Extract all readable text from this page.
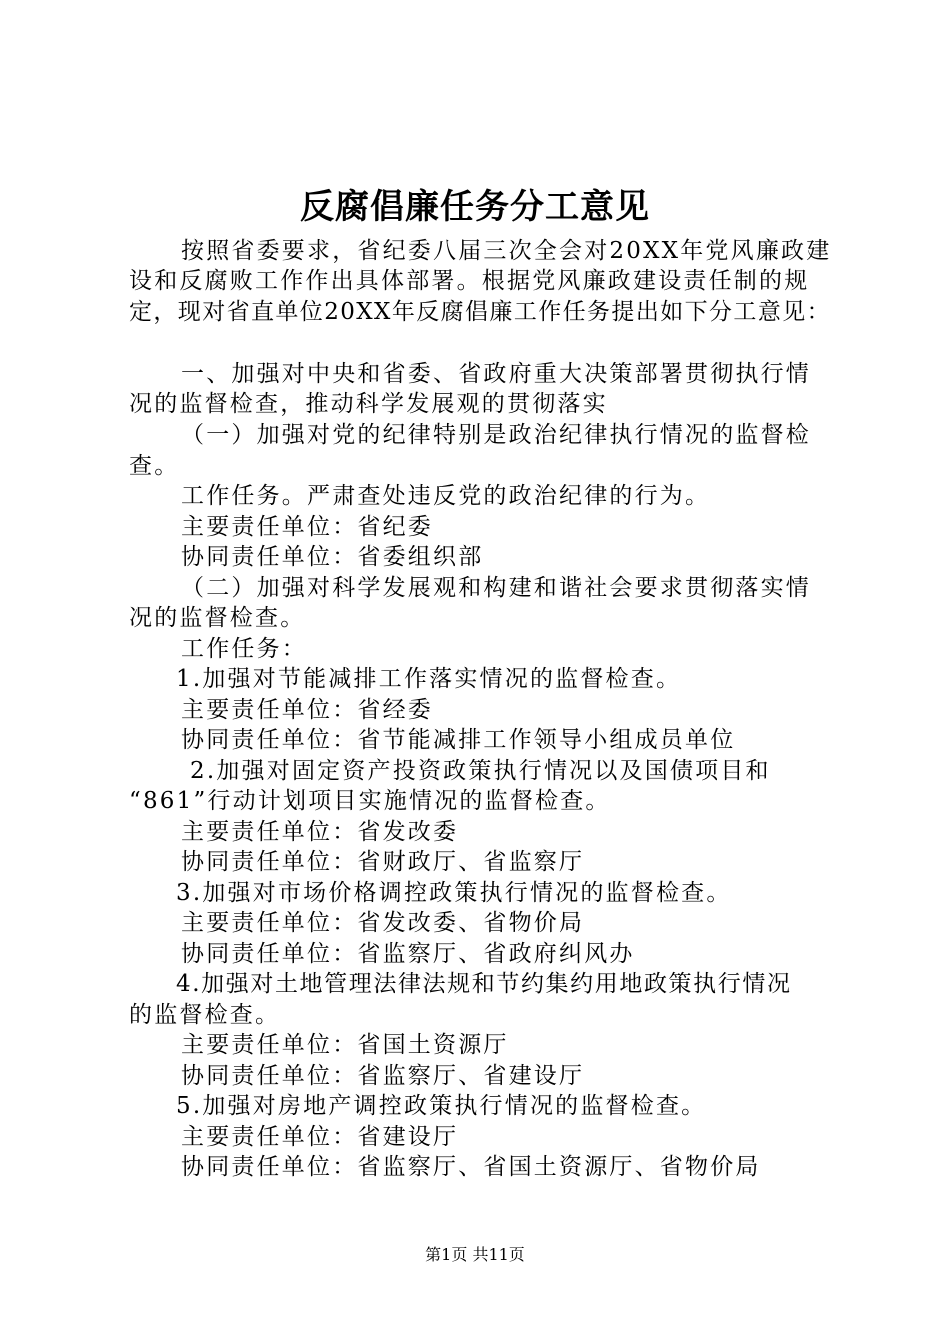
反腐倡廉任务分工意见
按照省委要求，省纪委八届三次全会对20XX年党风廉政建
设和反腐败工作作出具体部署。根据党风廉政建设责任制的规
定，现对省直单位20XX年反腐倡廉工作任务提出如下分工意见：
一、加强对中央和省委、省政府重大决策部署贯彻执行情
况的监督检查，推动科学发展观的贯彻落实
（一）加强对党的纪律特别是政治纪律执行情况的监督检
查。
工作任务。严肃查处违反党的政治纪律的行为。
主要责任单位：省纪委
协同责任单位：省委组织部
（二）加强对科学发展观和构建和谐社会要求贯彻落实情
况的监督检查。
工作任务：
1.加强对节能减排工作落实情况的监督检查。
主要责任单位：省经委
协同责任单位：省节能减排工作领导小组成员单位
2.加强对固定资产投资政策执行情况以及国债项目和
“861”行动计划项目实施情况的监督检查。
主要责任单位：省发改委
协同责任单位：省财政厅、省监察厅
3.加强对市场价格调控政策执行情况的监督检查。
主要责任单位：省发改委、省物价局
协同责任单位：省监察厅、省政府纠风办
4.加强对土地管理法律法规和节约集约用地政策执行情况
的监督检查。
主要责任单位：省国土资源厅
协同责任单位：省监察厅、省建设厅
5.加强对房地产调控政策执行情况的监督检查。
主要责任单位：省建设厅
协同责任单位：省监察厅、省国土资源厅、省物价局
第1页 共11页
